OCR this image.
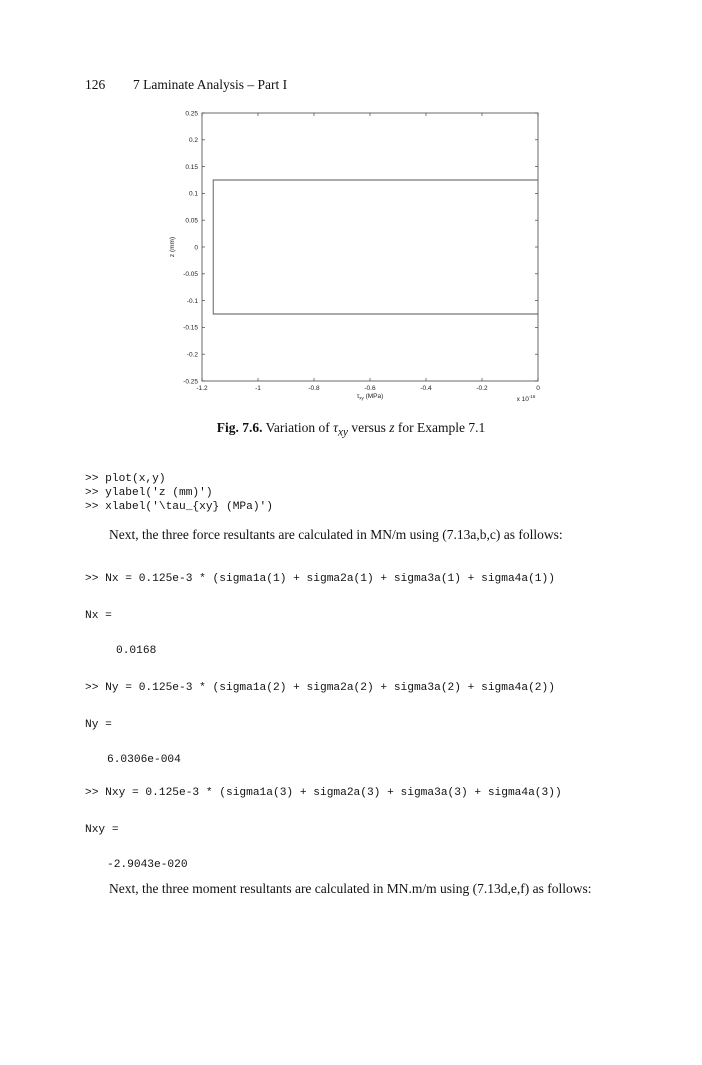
126 7 Laminate Analysis – Part I
-1.2	-1	-0.8	-0.6	-0.4	-0.2	0
0.25
0.2
0.15
0.1
0.05
0
-0.05
-0.1
-0.15
-0.2
-0.25
$\tau_{xy}$ (MPa)	x $10^{-16}$
z (mm)
Fig. 7.6. Variation of $\tau_{xy}$ versus z for Example 7.1
>> plot(x,y)
>> ylabel('z (mm)')
>> xlabel('\tau_{xy} (MPa)')
Next, the three force resultants are calculated in MN/m using (7.13a,b,c) as follows:
>> Nx = 0.125e-3 * (sigma1a(1) + sigma2a(1) + sigma3a(1) + sigma4a(1))
Nx =
0.0168
>> Ny = 0.125e-3 * (sigma1a(2) + sigma2a(2) + sigma3a(2) + sigma4a(2))
Ny =
6.0306e-004
>> Nxy = 0.125e-3 * (sigma1a(3) + sigma2a(3) + sigma3a(3) + sigma4a(3))
Nxy =
-2.9043e-020
Next, the three moment resultants are calculated in MN.m/m using (7.13d,e,f) as follows:
